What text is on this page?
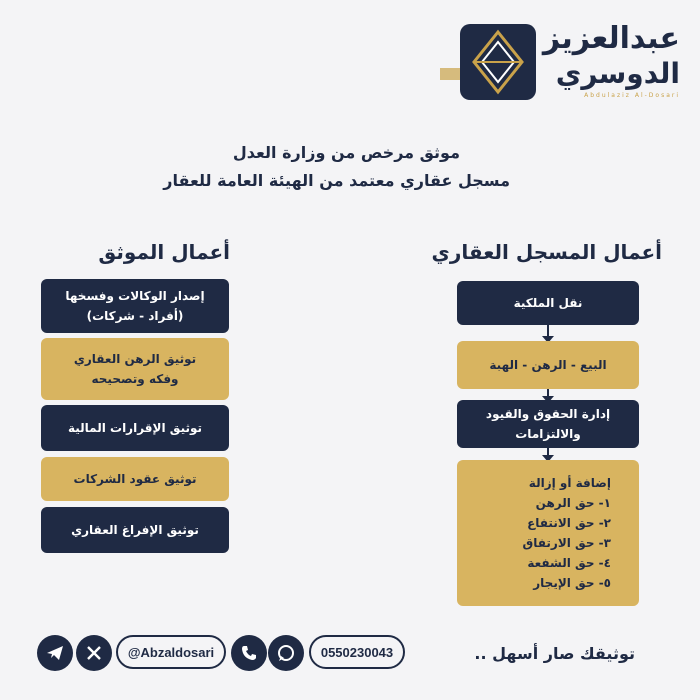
عبدالعزيز
الدوسري
Abdulaziz Al-Dosari
موثق مرخص من وزارة العدل
مسجل عقاري معتمد من الهيئة العامة للعقار
أعمال المسجل العقاري
أعمال الموثق
نقل الملكية
البيع - الرهن - الهبة
إدارة الحقوق والقيود والالتزامات
إضافة أو إزالة
١- حق الرهن
٢- حق الانتفاع
٣- حق الارتفاق
٤- حق الشفعة
٥- حق الإيجار
إصدار الوكالات وفسخها
(أفراد - شركات)
توثيق الرهن العقاري
وفكه وتصحيحه
توثيق الإقرارات المالية
توثيق عقود الشركات
توثيق الإفراغ العقاري
@Abzaldosari	0550230043	توثيقك صار أسهل ..
